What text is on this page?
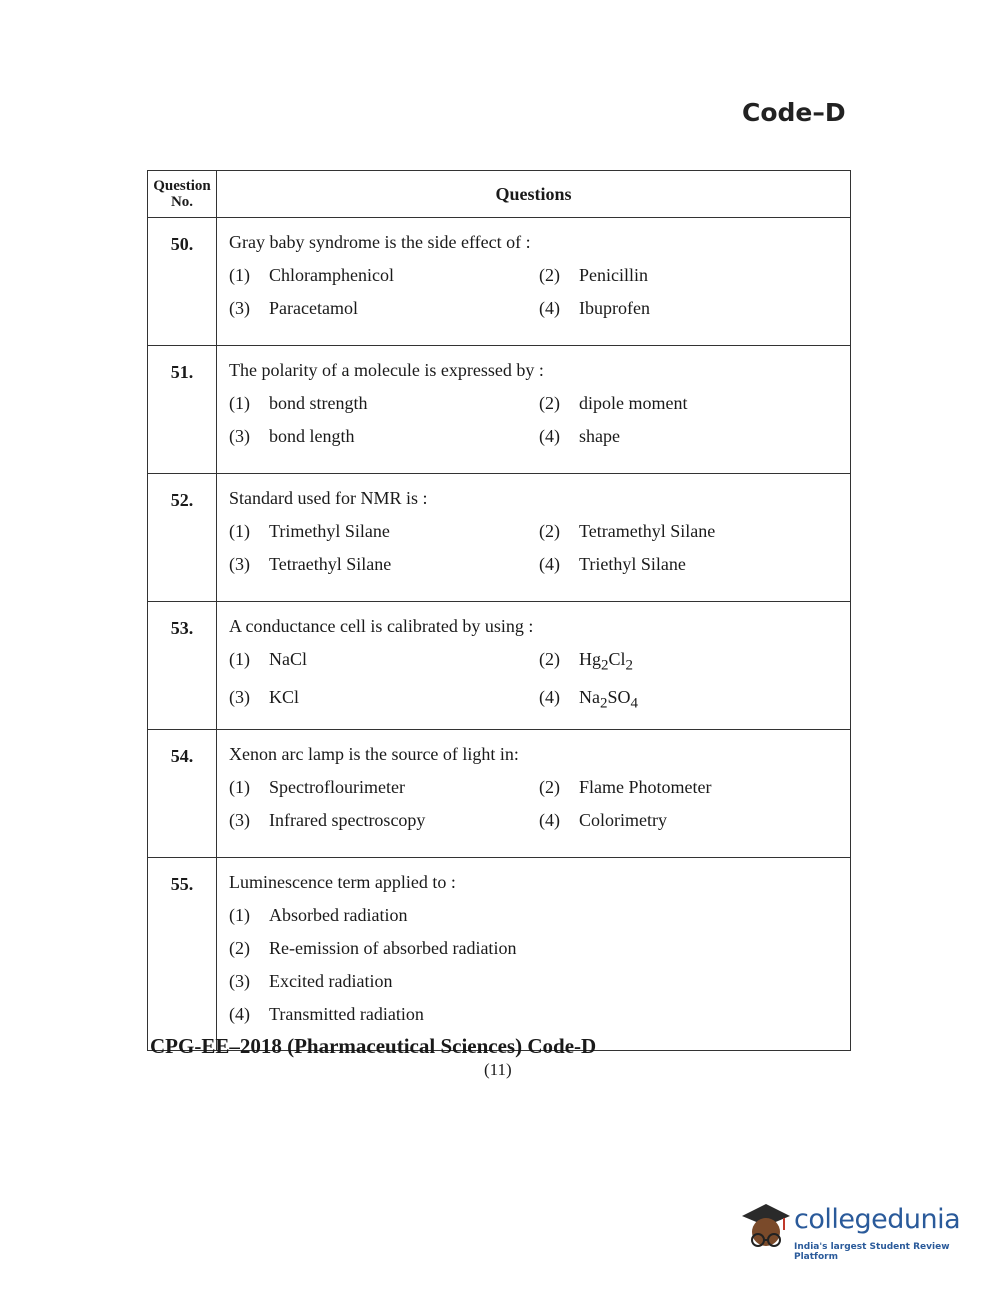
Code–D
Question
No.	Questions
50.	Gray baby syndrome is the side effect of :
(1) Chloramphenicol (2) Penicillin
(3) Paracetamol (4) Ibuprofen

51.	The polarity of a molecule is expressed by :
(1) bond strength (2) dipole moment
(3) bond length (4) shape

52.	Standard used for NMR is :
(1) Trimethyl Silane (2) Tetramethyl Silane
(3) Tetraethyl Silane (4) Triethyl Silane

53.	A conductance cell is calibrated by using :
(1) NaCl (2) $Hg_2Cl_2$
(3) KCl (4) $Na_2SO_4$

54.	Xenon arc lamp is the source of light in:
(1) Spectroflourimeter (2) Flame Photometer
(3) Infrared spectroscopy (4) Colorimetry

55.	Luminescence term applied to :
(1) Absorbed radiation
(2) Re-emission of absorbed radiation
(3) Excited radiation
(4) Transmitted radiation
CPG-EE–2018 (Pharmaceutical Sciences) Code-D
(11)
collegedunia
India's largest Student Review Platform
